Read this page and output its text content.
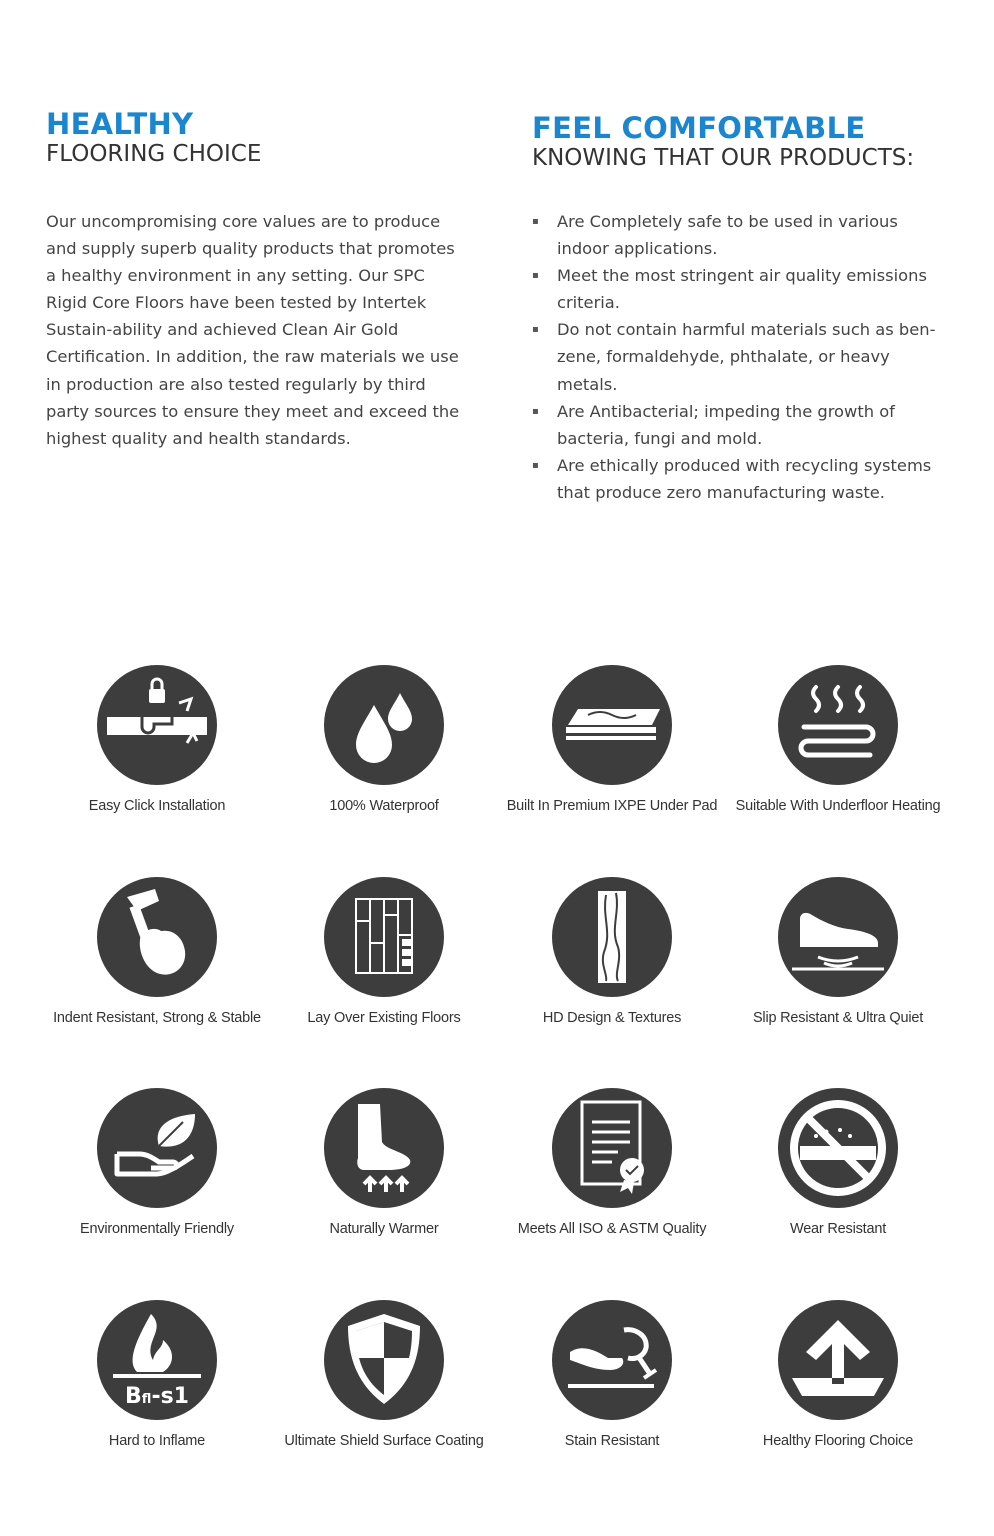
HEALTHY
FLOORING CHOICE

Our uncompromising core values are to produce and supply superb quality products that promotes a healthy environment in any setting. Our SPC Rigid Core Floors have been tested by Intertek Sustain-ability and achieved Clean Air Gold Certification. In addition, the raw materials we use in production are also tested regularly by third party sources to ensure they meet and exceed the highest quality and health standards.

FEEL COMFORTABLE
KNOWING THAT OUR PRODUCTS:
▪ Are Completely safe to be used in various indoor applications.
▪ Meet the most stringent air quality emissions criteria.
▪ Do not contain harmful materials such as ben-zene, formaldehyde, phthalate, or heavy metals.
▪ Are Antibacterial; impeding the growth of bacteria, fungi and mold.
▪ Are ethically produced with recycling systems that produce zero manufacturing waste.
Easy Click Installation	100% Waterproof	Built In Premium IXPE Under Pad	Suitable With Underfloor Heating
Indent Resistant, Strong & Stable	Lay Over Existing Floors	HD Design & Textures	Slip Resistant & Ultra Quiet
Environmentally Friendly	Naturally Warmer	Meets All ISO & ASTM Quality	Wear Resistant
Bfl-s1
Hard to Inflame	Ultimate Shield Surface Coating	Stain Resistant	Healthy Flooring Choice
